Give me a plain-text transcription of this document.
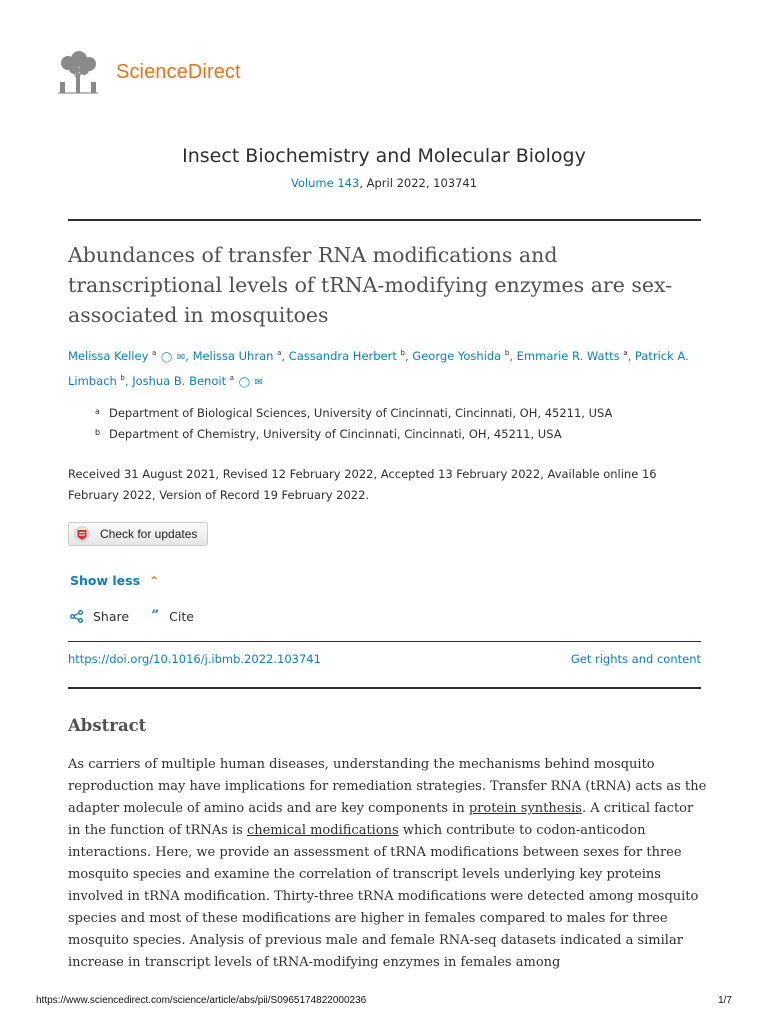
ScienceDirect
Insect Biochemistry and Molecular Biology
Volume 143, April 2022, 103741
Abundances of transfer RNA modifications and transcriptional levels of tRNA-modifying enzymes are sex-associated in mosquitoes
Melissa Kelley $^a$ ◯ ✉, Melissa Uhran $^a$, Cassandra Herbert $^b$, George Yoshida $^b$, Emmarie R. Watts $^a$, Patrick A. Limbach $^b$, Joshua B. Benoit $^a$ ◯ ✉
a Department of Biological Sciences, University of Cincinnati, Cincinnati, OH, 45211, USA
b Department of Chemistry, University of Cincinnati, Cincinnati, OH, 45211, USA
Received 31 August 2021, Revised 12 February 2022, Accepted 13 February 2022, Available online 16 February 2022, Version of Record 19 February 2022.
Check for updates
Show less ⌃
Share ” Cite
https://doi.org/10.1016/j.ibmb.2022.103741	Get rights and content
Abstract

As carriers of multiple human diseases, understanding the mechanisms behind mosquito reproduction may have implications for remediation strategies. Transfer RNA (tRNA) acts as the adapter molecule of amino acids and are key components in protein synthesis. A critical factor in the function of tRNAs is chemical modifications which contribute to codon-anticodon interactions. Here, we provide an assessment of tRNA modifications between sexes for three mosquito species and examine the correlation of transcript levels underlying key proteins involved in tRNA modification. Thirty-three tRNA modifications were detected among mosquito species and most of these modifications are higher in females compared to males for three mosquito species. Analysis of previous male and female RNA-seq datasets indicated a similar increase in transcript levels of tRNA-modifying enzymes in females among

https://www.sciencedirect.com/science/article/abs/pii/S0965174822000236	1/7
